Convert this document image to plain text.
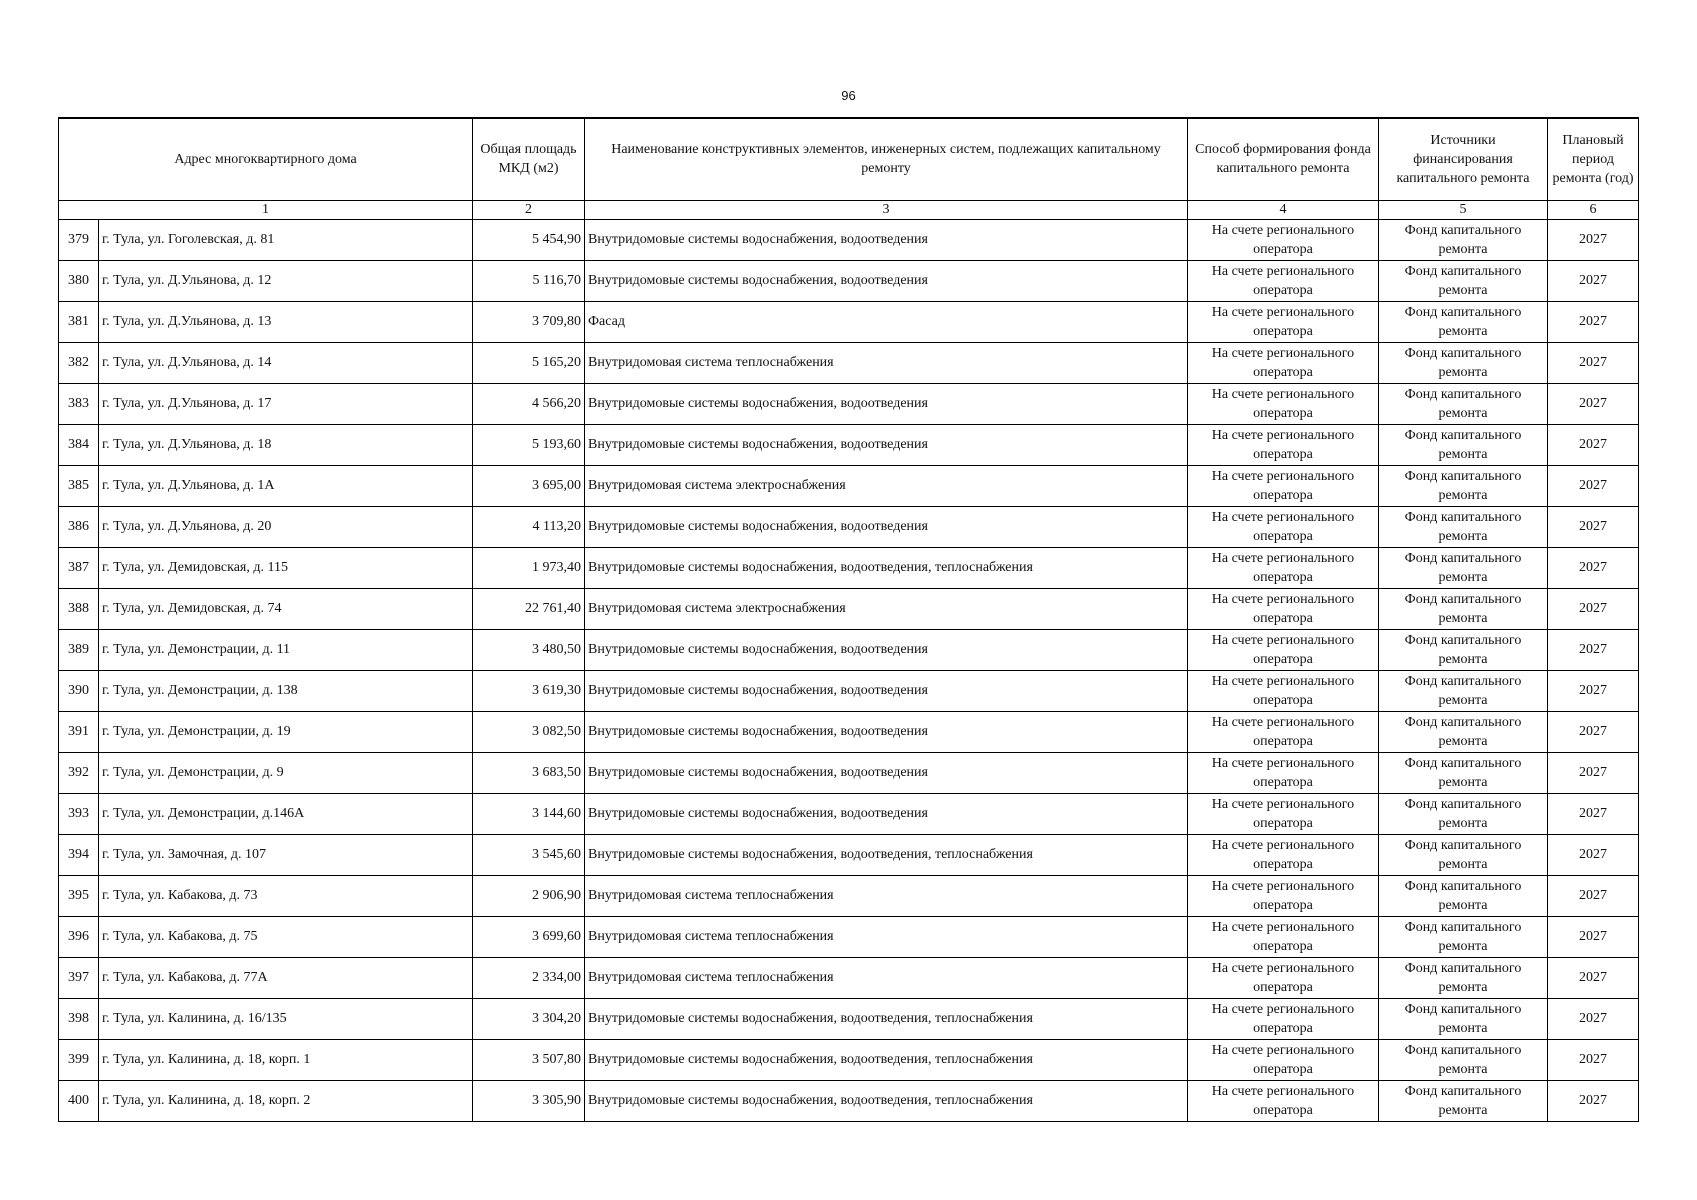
96
Адрес многоквартирного дома		Общая площадь МКД (м2)	Наименование конструктивных элементов, инженерных систем, подлежащих капитальному ремонту	Способ формирования фонда капитального ремонта	Источники финансирования капитального ремонта	Плановый период ремонта (год)
1		2	3	4	5	6
379	г. Тула, ул. Гоголевская, д. 81	5 454,90	Внутридомовые системы водоснабжения, водоотведения	На счете регионального оператора	Фонд капитального ремонта	2027
380	г. Тула, ул. Д.Ульянова, д. 12	5 116,70	Внутридомовые системы водоснабжения, водоотведения	На счете регионального оператора	Фонд капитального ремонта	2027
381	г. Тула, ул. Д.Ульянова, д. 13	3 709,80	Фасад	На счете регионального оператора	Фонд капитального ремонта	2027
382	г. Тула, ул. Д.Ульянова, д. 14	5 165,20	Внутридомовая система теплоснабжения	На счете регионального оператора	Фонд капитального ремонта	2027
383	г. Тула, ул. Д.Ульянова, д. 17	4 566,20	Внутридомовые системы водоснабжения, водоотведения	На счете регионального оператора	Фонд капитального ремонта	2027
384	г. Тула, ул. Д.Ульянова, д. 18	5 193,60	Внутридомовые системы водоснабжения, водоотведения	На счете регионального оператора	Фонд капитального ремонта	2027
385	г. Тула, ул. Д.Ульянова, д. 1А	3 695,00	Внутридомовая система электроснабжения	На счете регионального оператора	Фонд капитального ремонта	2027
386	г. Тула, ул. Д.Ульянова, д. 20	4 113,20	Внутридомовые системы водоснабжения, водоотведения	На счете регионального оператора	Фонд капитального ремонта	2027
387	г. Тула, ул. Демидовская, д. 115	1 973,40	Внутридомовые системы водоснабжения, водоотведения, теплоснабжения	На счете регионального оператора	Фонд капитального ремонта	2027
388	г. Тула, ул. Демидовская, д. 74	22 761,40	Внутридомовая система электроснабжения	На счете регионального оператора	Фонд капитального ремонта	2027
389	г. Тула, ул. Демонстрации, д. 11	3 480,50	Внутридомовые системы водоснабжения, водоотведения	На счете регионального оператора	Фонд капитального ремонта	2027
390	г. Тула, ул. Демонстрации, д. 138	3 619,30	Внутридомовые системы водоснабжения, водоотведения	На счете регионального оператора	Фонд капитального ремонта	2027
391	г. Тула, ул. Демонстрации, д. 19	3 082,50	Внутридомовые системы водоснабжения, водоотведения	На счете регионального оператора	Фонд капитального ремонта	2027
392	г. Тула, ул. Демонстрации, д. 9	3 683,50	Внутридомовые системы водоснабжения, водоотведения	На счете регионального оператора	Фонд капитального ремонта	2027
393	г. Тула, ул. Демонстрации, д.146А	3 144,60	Внутридомовые системы водоснабжения, водоотведения	На счете регионального оператора	Фонд капитального ремонта	2027
394	г. Тула, ул. Замочная, д. 107	3 545,60	Внутридомовые системы водоснабжения, водоотведения, теплоснабжения	На счете регионального оператора	Фонд капитального ремонта	2027
395	г. Тула, ул. Кабакова, д. 73	2 906,90	Внутридомовая система теплоснабжения	На счете регионального оператора	Фонд капитального ремонта	2027
396	г. Тула, ул. Кабакова, д. 75	3 699,60	Внутридомовая система теплоснабжения	На счете регионального оператора	Фонд капитального ремонта	2027
397	г. Тула, ул. Кабакова, д. 77А	2 334,00	Внутридомовая система теплоснабжения	На счете регионального оператора	Фонд капитального ремонта	2027
398	г. Тула, ул. Калинина, д. 16/135	3 304,20	Внутридомовые системы водоснабжения, водоотведения, теплоснабжения	На счете регионального оператора	Фонд капитального ремонта	2027
399	г. Тула, ул. Калинина, д. 18, корп. 1	3 507,80	Внутридомовые системы водоснабжения, водоотведения, теплоснабжения	На счете регионального оператора	Фонд капитального ремонта	2027
400	г. Тула, ул. Калинина, д. 18, корп. 2	3 305,90	Внутридомовые системы водоснабжения, водоотведения, теплоснабжения	На счете регионального оператора	Фонд капитального ремонта	2027
